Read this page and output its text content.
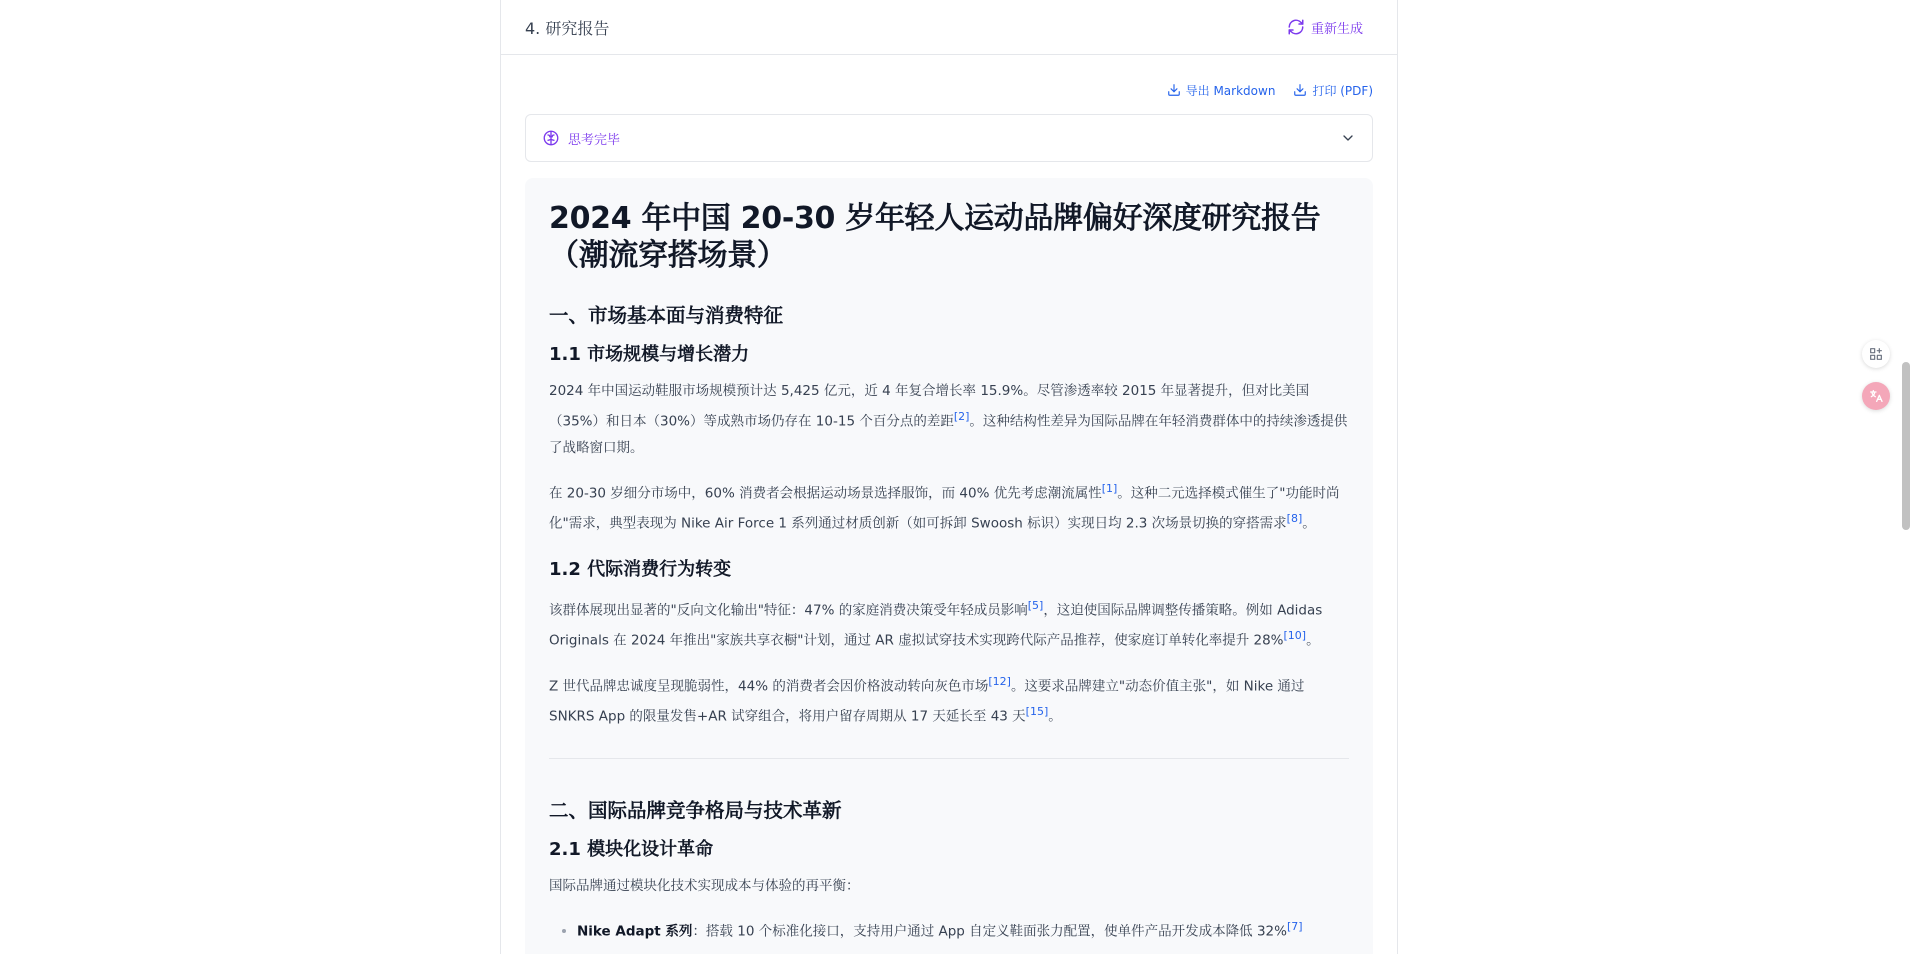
4. 研究报告	重新生成
导出 Markdown	打印 (PDF)
思考完毕
2024 年中国 20-30 岁年轻人运动品牌偏好深度研究报告（潮流穿搭场景）
一、市场基本面与消费特征
1.1 市场规模与增长潜力

2024 年中国运动鞋服市场规模预计达 5,425 亿元，近 4 年复合增长率 15.9%。尽管渗透率较 2015 年显著提升，但对比美国（35%）和日本（30%）等成熟市场仍存在 10-15 个百分点的差距[2]。这种结构性差异为国际品牌在年轻消费群体中的持续渗透提供了战略窗口期。

在 20-30 岁细分市场中，60% 消费者会根据运动场景选择服饰，而 40% 优先考虑潮流属性[1]。这种二元选择模式催生了"功能时尚化"需求，典型表现为 Nike Air Force 1 系列通过材质创新（如可拆卸 Swoosh 标识）实现日均 2.3 次场景切换的穿搭需求[8]。

1.2 代际消费行为转变

该群体展现出显著的"反向文化输出"特征：47% 的家庭消费决策受年轻成员影响[5]，这迫使国际品牌调整传播策略。例如 Adidas Originals 在 2024 年推出"家族共享衣橱"计划，通过 AR 虚拟试穿技术实现跨代际产品推荐，使家庭订单转化率提升 28%[10]。

Z 世代品牌忠诚度呈现脆弱性，44% 的消费者会因价格波动转向灰色市场[12]。这要求品牌建立"动态价值主张"，如 Nike 通过 SNKRS App 的限量发售+AR 试穿组合，将用户留存周期从 17 天延长至 43 天[15]。

二、国际品牌竞争格局与技术革新
2.1 模块化设计革命

国际品牌通过模块化技术实现成本与体验的再平衡：

• Nike Adapt 系列：搭载 10 个标准化接口，支持用户通过 App 自定义鞋面张力配置，使单件产品开发成本降低 32%[7]
